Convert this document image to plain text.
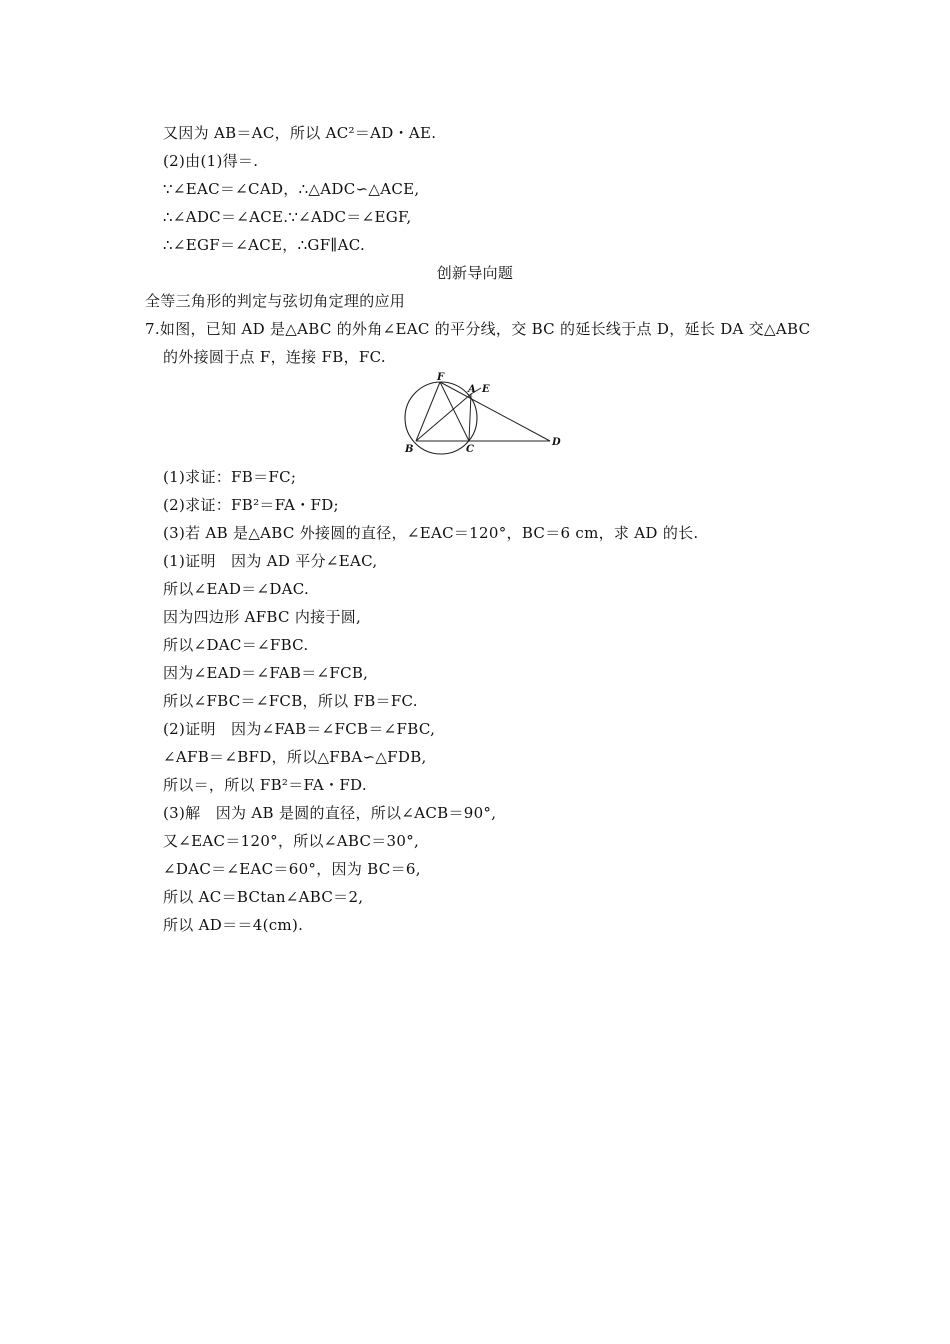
又因为 AB＝AC，所以 AC²＝AD・AE.
(2)由(1)得＝.
∵∠EAC＝∠CAD，∴△ADC∽△ACE,
∴∠ADC＝∠ACE.∵∠ADC＝∠EGF,
∴∠EGF＝∠ACE，∴GF∥AC.
创新导向题
全等三角形的判定与弦切角定理的应用
7.如图，已知 AD 是△ABC 的外角∠EAC 的平分线，交 BC 的延长线于点 D，延长 DA 交△ABC
的外接圆于点 F，连接 FB，FC.
F
A E
B	C
D
(1)求证：FB＝FC;
(2)求证：FB²＝FA・FD;
(3)若 AB 是△ABC 外接圆的直径，∠EAC＝120°，BC＝6 cm，求 AD 的长.
(1)证明　因为 AD 平分∠EAC,
所以∠EAD＝∠DAC.
因为四边形 AFBC 内接于圆,
所以∠DAC＝∠FBC.
因为∠EAD＝∠FAB＝∠FCB,
所以∠FBC＝∠FCB，所以 FB＝FC.
(2)证明　因为∠FAB＝∠FCB＝∠FBC,
∠AFB＝∠BFD，所以△FBA∽△FDB,
所以＝，所以 FB²＝FA・FD.
(3)解　因为 AB 是圆的直径，所以∠ACB＝90°,
又∠EAC＝120°，所以∠ABC＝30°,
∠DAC＝∠EAC＝60°，因为 BC＝6,
所以 AC＝BCtan∠ABC＝2,
所以 AD＝＝4(cm).
